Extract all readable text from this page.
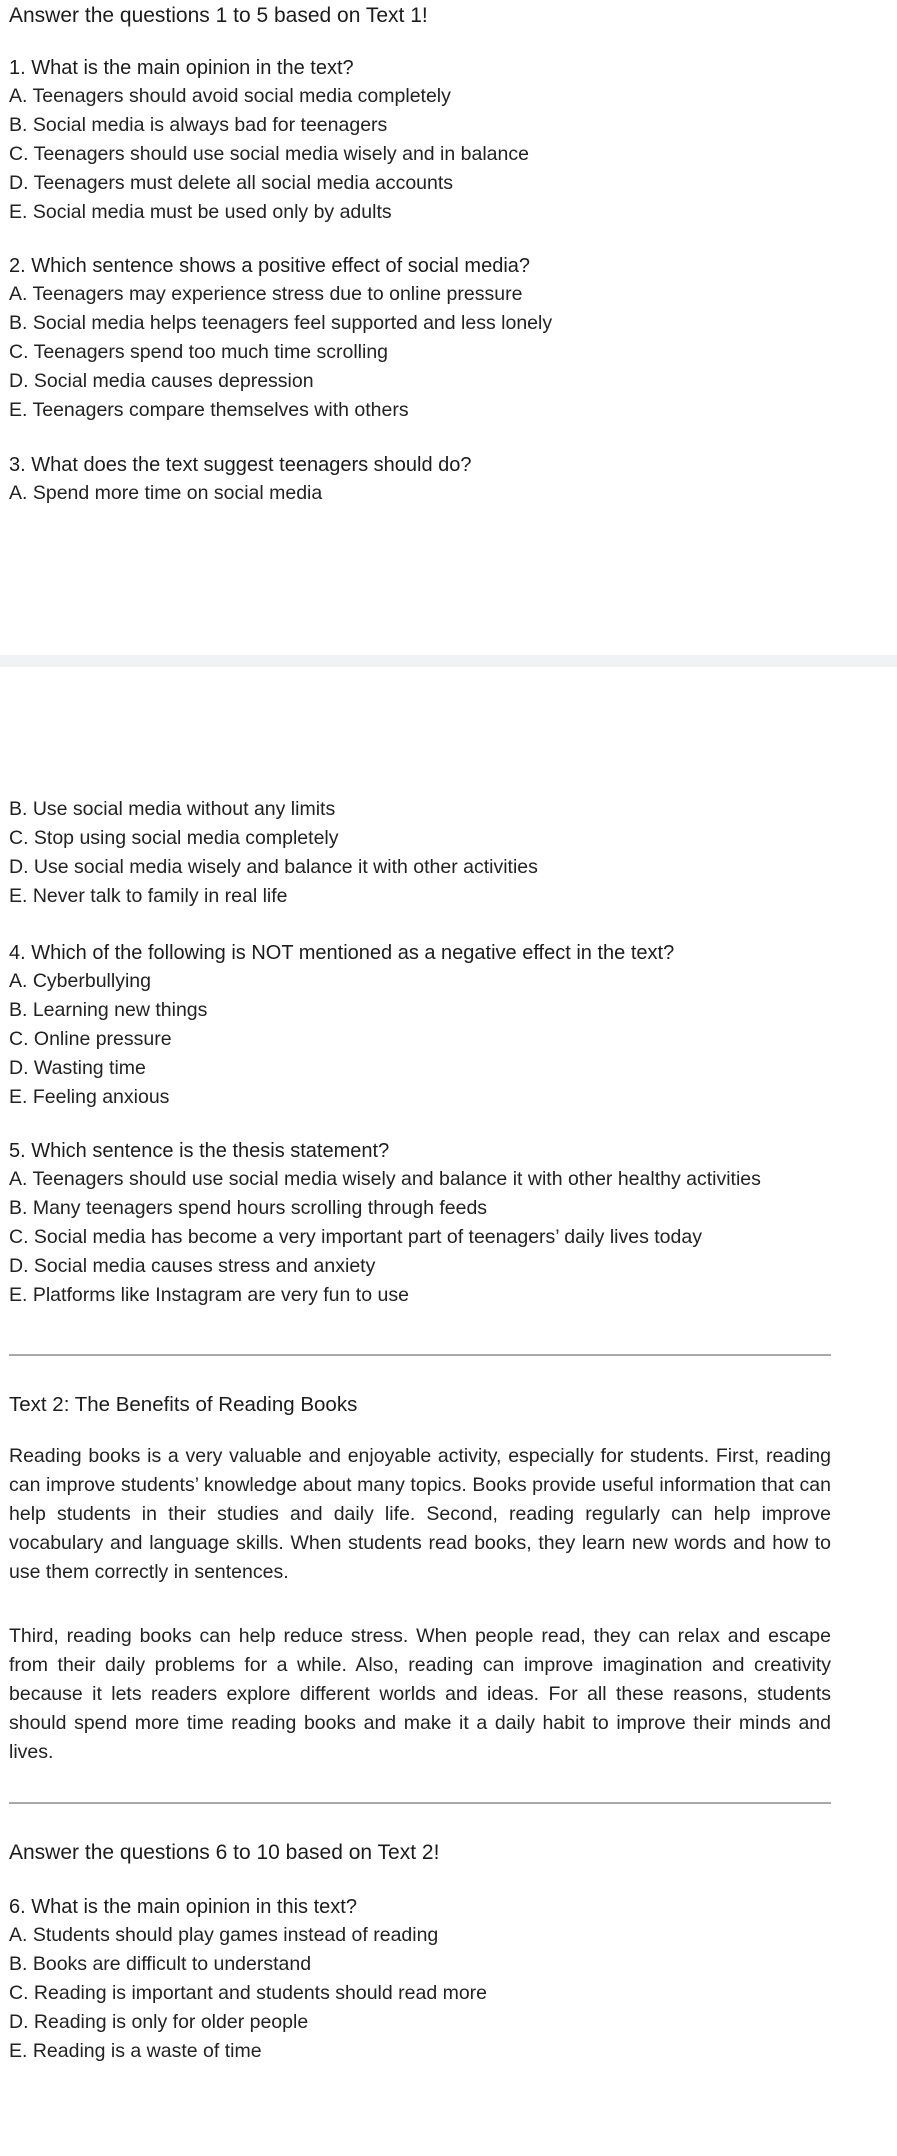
Answer the questions 1 to 5 based on Text 1!

1. What is the main opinion in the text?

A. Teenagers should avoid social media completely

B. Social media is always bad for teenagers

C. Teenagers should use social media wisely and in balance

D. Teenagers must delete all social media accounts

E. Social media must be used only by adults

2. Which sentence shows a positive effect of social media?

A. Teenagers may experience stress due to online pressure

B. Social media helps teenagers feel supported and less lonely

C. Teenagers spend too much time scrolling

D. Social media causes depression

E. Teenagers compare themselves with others

3. What does the text suggest teenagers should do?

A. Spend more time on social media

B. Use social media without any limits

C. Stop using social media completely

D. Use social media wisely and balance it with other activities

E. Never talk to family in real life

4. Which of the following is NOT mentioned as a negative effect in the text?

A. Cyberbullying

B. Learning new things

C. Online pressure

D. Wasting time

E. Feeling anxious

5. Which sentence is the thesis statement?

A. Teenagers should use social media wisely and balance it with other healthy activities

B. Many teenagers spend hours scrolling through feeds

C. Social media has become a very important part of teenagers’ daily lives today

D. Social media causes stress and anxiety

E. Platforms like Instagram are very fun to use

Text 2: The Benefits of Reading Books

Reading books is a very valuable and enjoyable activity, especially for students. First, reading can improve students’ knowledge about many topics. Books provide useful information that can help students in their studies and daily life. Second, reading regularly can help improve vocabulary and language skills. When students read books, they learn new words and how to use them correctly in sentences.

Third, reading books can help reduce stress. When people read, they can relax and escape from their daily problems for a while. Also, reading can improve imagination and creativity because it lets readers explore different worlds and ideas. For all these reasons, students should spend more time reading books and make it a daily habit to improve their minds and lives.

Answer the questions 6 to 10 based on Text 2!

6. What is the main opinion in this text?

A. Students should play games instead of reading

B. Books are difficult to understand

C. Reading is important and students should read more

D. Reading is only for older people

E. Reading is a waste of time
